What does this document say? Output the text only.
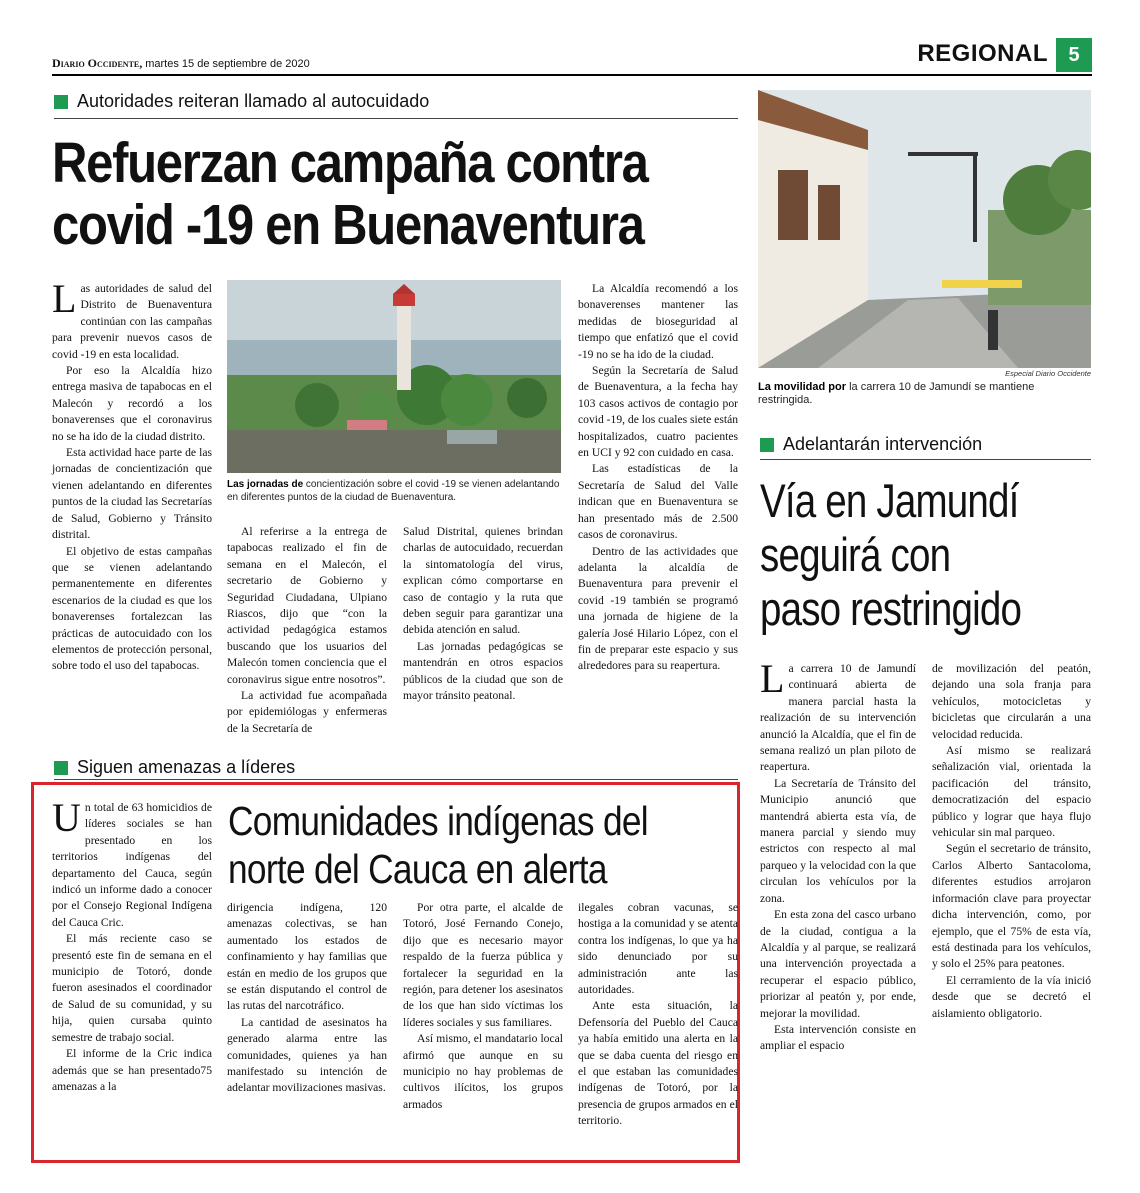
Diario Occidente, martes 15 de septiembre de 2020	REGIONAL	5
Autoridades reiteran llamado al autocuidado
Refuerzan campaña contra
covid -19 en Buenaventura
Las jornadas de concientización sobre el covid -19 se vienen adelantando en diferentes puntos de la ciudad de Buenaventura.

Las autoridades de salud del Distrito de Buenaventura continúan con las campañas para prevenir nuevos casos de covid -19 en esta localidad.

Por eso la Alcaldía hizo entrega masiva de tapabocas en el Malecón y recordó a los bonaverenses que el coronavirus no se ha ido de la ciudad distrito.

Esta actividad hace parte de las jornadas de concientización que vienen adelantando en diferentes puntos de la ciudad las Secretarías de Salud, Gobierno y Tránsito distrital.

El objetivo de estas campañas que se vienen adelantando permanentemente en diferentes escenarios de la ciudad es que los bonaverenses fortalezcan las prácticas de autocuidado con los elementos de protección personal, sobre todo el uso del tapabocas.

Al referirse a la entrega de tapabocas realizado el fin de semana en el Malecón, el secretario de Gobierno y Seguridad Ciudadana, Ulpiano Riascos, dijo que “con la actividad pedagógica estamos buscando que los usuarios del Malecón tomen conciencia que el coronavirus sigue entre nosotros”.

La actividad fue acompañada por epidemiólogas y enfermeras de la Secretaría de

Salud Distrital, quienes brindan charlas de autocuidado, recuerdan la sintomatología del virus, explican cómo comportarse en caso de contagio y la ruta que deben seguir para garantizar una debida atención en salud.

Las jornadas pedagógicas se mantendrán en otros espacios públicos de la ciudad que son de mayor tránsito peatonal.

La Alcaldía recomendó a los bonaverenses mantener las medidas de bioseguridad al tiempo que enfatizó que el covid -19 no se ha ido de la ciudad.

Según la Secretaría de Salud de Buenaventura, a la fecha hay 103 casos activos de contagio por covid -19, de los cuales siete están hospitalizados, cuatro pacientes en UCI y 92 con cuidado en casa.

Las estadísticas de la Secretaría de Salud del Valle indican que en Buenaventura se han presentado más de 2.500 casos de coronavirus.

Dentro de las actividades que adelanta la alcaldía de Buenaventura para prevenir el covid -19 también se programó una jornada de higiene de la galería José Hilario López, con el fin de preparar este espacio y sus alrededores para su reapertura.

Especial Diario Occidente
La movilidad por la carrera 10 de Jamundí se mantiene restringida.
Adelantarán intervención
Vía en Jamundí
seguirá con
paso restringido

La carrera 10 de Jamundí continuará abierta de manera parcial hasta la realización de su intervención anunció la Alcaldía, que el fin de semana realizó un plan piloto de reapertura.

La Secretaría de Tránsito del Municipio anunció que mantendrá abierta esta vía, de manera parcial y siendo muy estrictos con respecto al mal parqueo y la velocidad con la que circulan los vehículos por la zona.

En esta zona del casco urbano de la ciudad, contigua a la Alcaldía y al parque, se realizará una intervención proyectada a recuperar el espacio público, priorizar al peatón y, por ende, mejorar la movilidad.

Esta intervención consiste en ampliar el espacio

de movilización del peatón, dejando una sola franja para vehículos, motocicletas y bicicletas que circularán a una velocidad reducida.

Así mismo se realizará señalización vial, orientada la pacificación del tránsito, democratización del espacio público y lograr que haya flujo vehicular sin mal parqueo.

Según el secretario de tránsito, Carlos Alberto Santacoloma, diferentes estudios arrojaron información clave para proyectar dicha intervención, como, por ejemplo, que el 75% de esta vía, está destinada para los vehículos, y solo el 25% para peatones.

El cerramiento de la vía inició desde que se decretó el aislamiento obligatorio.

Siguen amenazas a líderes
Comunidades indígenas del
norte del Cauca en alerta

Un total de 63 homicidios de líderes sociales se han presentado en los territorios indígenas del departamento del Cauca, según indicó un informe dado a conocer por el Consejo Regional Indígena del Cauca Cric.

El más reciente caso se presentó este fin de semana en el municipio de Totoró, donde fueron asesinados el coordinador de Salud de su comunidad, y su hija, quien cursaba quinto semestre de trabajo social.

El informe de la Cric indica además que se han presentado75 amenazas a la

dirigencia indígena, 120 amenazas colectivas, se han aumentado los estados de confinamiento y hay familias que están en medio de los grupos que se están disputando el control de las rutas del narcotráfico.

La cantidad de asesinatos ha generado alarma entre las comunidades, quienes ya han manifestado su intención de adelantar movilizaciones masivas.

Por otra parte, el alcalde de Totoró, José Fernando Conejo, dijo que es necesario mayor respaldo de la fuerza pública y fortalecer la seguridad en la región, para detener los asesinatos de los que han sido víctimas los líderes sociales y sus familiares.

Así mismo, el mandatario local afirmó que aunque en su municipio no hay problemas de cultivos ilícitos, los grupos armados

ilegales cobran vacunas, se hostiga a la comunidad y se atenta contra los indígenas, lo que ya ha sido denunciado por su administración ante las autoridades.

Ante esta situación, la Defensoría del Pueblo del Cauca ya había emitido una alerta en la que se daba cuenta del riesgo en el que estaban las comunidades indígenas de Totoró, por la presencia de grupos armados en el territorio.
